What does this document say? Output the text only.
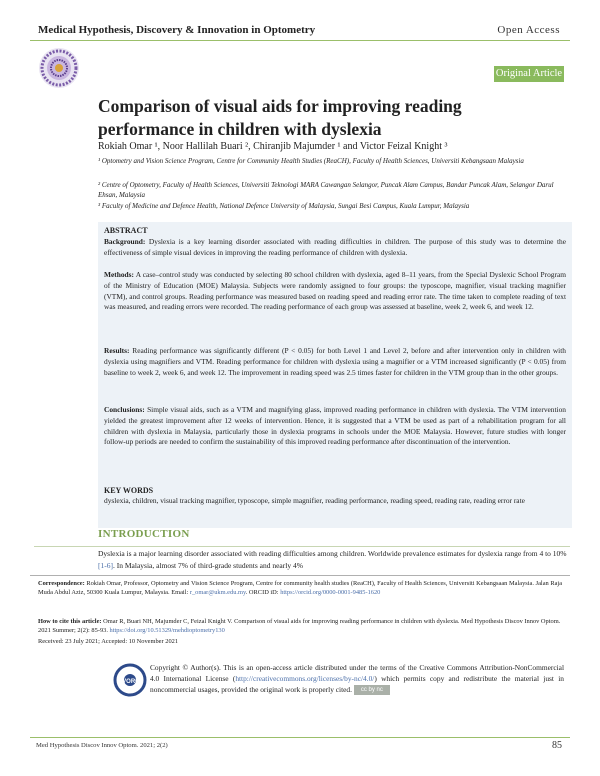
Medical Hypothesis, Discovery & Innovation in Optometry	Open Access
Original Article
Comparison of visual aids for improving reading performance in children with dyslexia
Rokiah Omar ¹, Noor Hallilah Buari ², Chiranjib Majumder ¹ and Victor Feizal Knight ³
¹ Optometry and Vision Science Program, Centre for Community Health Studies (ReaCH), Faculty of Health Sciences, Universiti Kebangsaan Malaysia
² Centre of Optometry, Faculty of Health Sciences, Universiti Teknologi MARA Cawangan Selangor, Puncak Alam Campus, Bandar Puncak Alam, Selangor Darul Ehsan, Malaysia
³ Faculty of Medicine and Defence Health, National Defence University of Malaysia, Sungai Besi Campus, Kuala Lumpur, Malaysia
ABSTRACT
Background: Dyslexia is a key learning disorder associated with reading difficulties in children. The purpose of this study was to determine the effectiveness of simple visual devices in improving the reading performance of children with dyslexia.
Methods: A case–control study was conducted by selecting 80 school children with dyslexia, aged 8–11 years, from the Special Dyslexic School Program of the Ministry of Education (MOE) Malaysia. Subjects were randomly assigned to four groups: the typoscope, magnifier, visual tracking magnifier (VTM), and control groups. Reading performance was measured based on reading speed and reading error rate. The time taken to complete reading of text was measured, and reading errors were recorded. The reading performance of each group was assessed at baseline, week 2, week 6, and week 12.
Results: Reading performance was significantly different (P < 0.05) for both Level 1 and Level 2, before and after intervention only in children with dyslexia using magnifiers and VTM. Reading performance for children with dyslexia using a magnifier or a VTM increased significantly (P < 0.05) from baseline to week 2, week 6, and week 12. The improvement in reading speed was 2.5 times faster for children in the VTM group than in the other groups.
Conclusions: Simple visual aids, such as a VTM and magnifying glass, improved reading performance in children with dyslexia. The VTM intervention yielded the greatest improvement after 12 weeks of intervention. Hence, it is suggested that a VTM be used as part of a rehabilitation program for all children with dyslexia in Malaysia, particularly those in dyslexia programs in schools under the MOE Malaysia. However, future studies with longer follow-up periods are needed to confirm the sustainability of this improved reading performance after discontinuation of the intervention.
KEY WORDS
dyslexia, children, visual tracking magnifier, typoscope, simple magnifier, reading performance, reading speed, reading rate, reading error rate
INTRODUCTION
Dyslexia is a major learning disorder associated with reading difficulties among children. Worldwide prevalence estimates for dyslexia range from 4 to 10% [1-6]. In Malaysia, almost 7% of third-grade students and nearly 4%
Correspondence: Rokiah Omar, Professor, Optometry and Vision Science Program, Centre for community health studies (ReaCH), Faculty of Health Sciences, Universiti Kebangsaan Malaysia. Jalan Raja Muda Abdul Aziz, 50300 Kuala Lumpur, Malaysia. Email: r_omar@ukm.edu.my. ORCID iD: https://orcid.org/0000-0001-9485-1620
How to cite this article: Omar R, Buari NH, Majumder C, Feizal Knight V. Comparison of visual aids for improving reading performance in children with dyslexia. Med Hypothesis Discov Innov Optom. 2021 Summer; 2(2): 85-93. https://doi.org/10.51329/mehdioptometry130
Received: 23 July 2021; Accepted: 10 November 2021
IVORC
Copyright © Author(s). This is an open-access article distributed under the terms of the Creative Commons Attribution-NonCommercial 4.0 International License (http://creativecommons.org/licenses/by-nc/4.0/) which permits copy and redistribute the material just in noncommercial usages, provided the original work is properly cited. cc by nc
Med Hypothesis Discov Innov Optom. 2021; 2(2)	85
